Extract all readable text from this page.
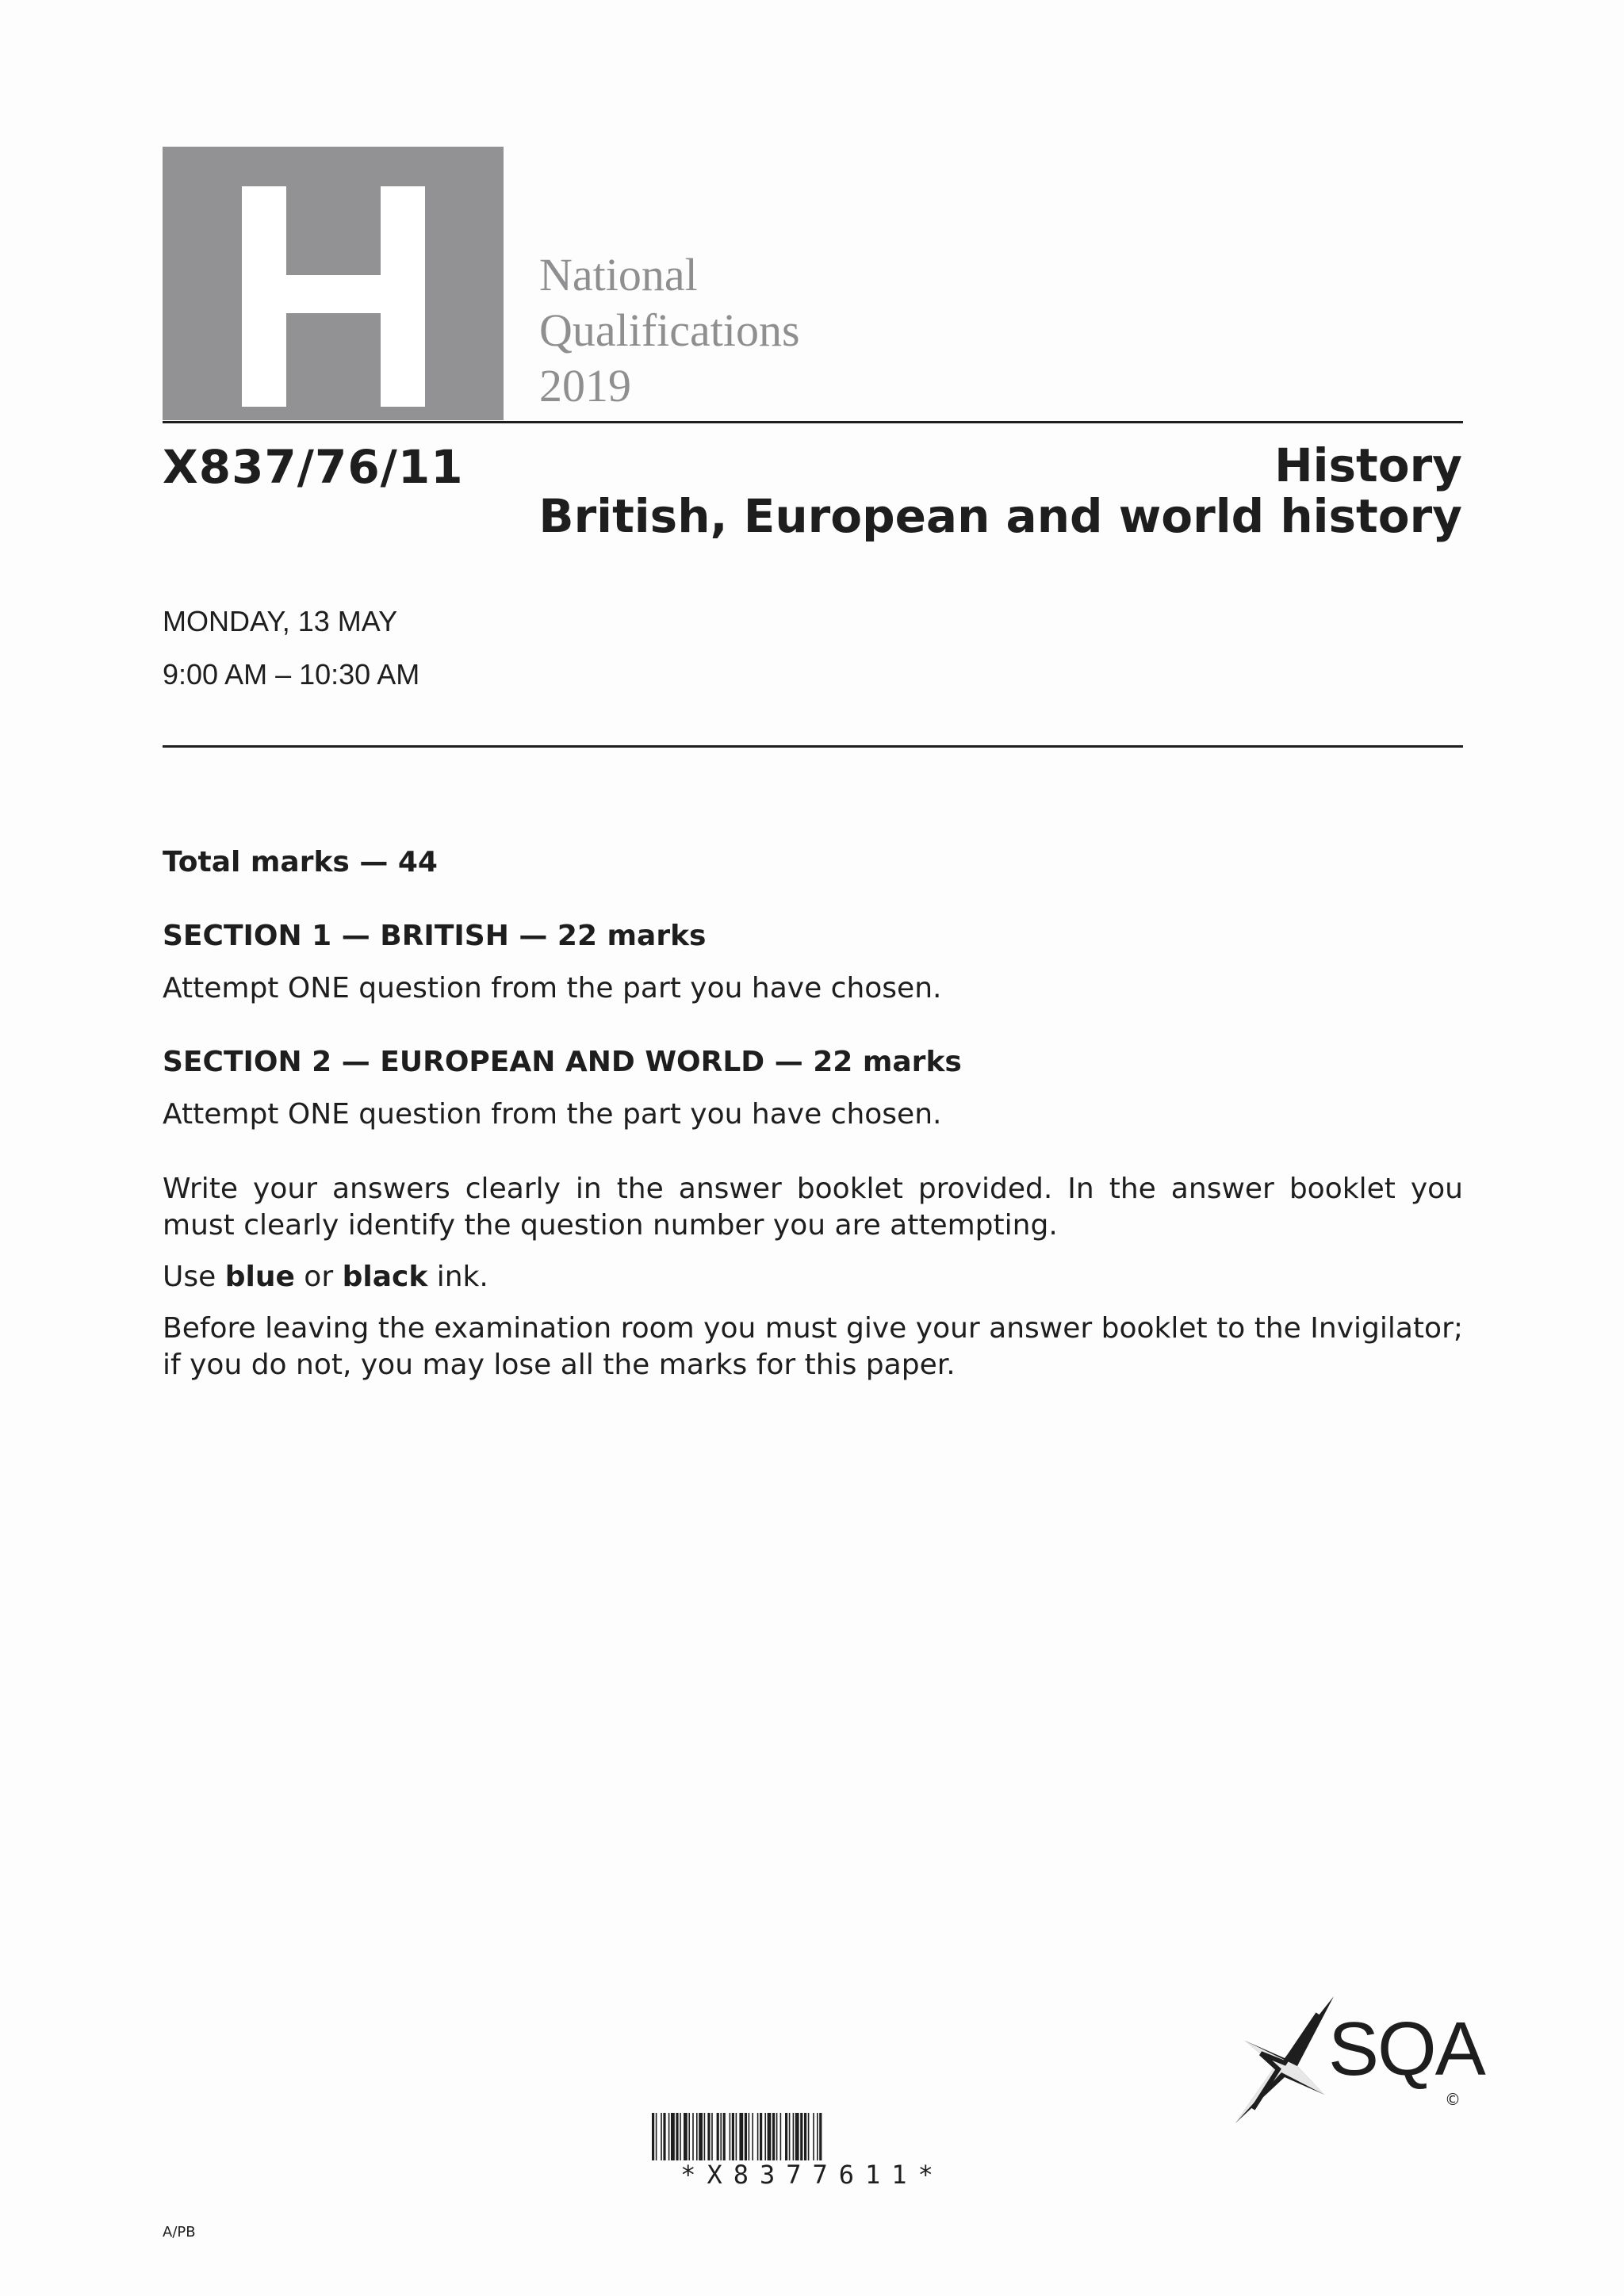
National
Qualifications
2019
X837/76/11	History
British, European and world history
MONDAY, 13 MAY
9:00 AM – 10:30 AM
Total marks — 44
SECTION 1 — BRITISH — 22 marks
Attempt ONE question from the part you have chosen.
SECTION 2 — EUROPEAN AND WORLD — 22 marks
Attempt ONE question from the part you have chosen.
Write your answers clearly in the answer booklet provided. In the answer booklet you must clearly identify the question number you are attempting.
Use blue or black ink.
Before leaving the examination room you must give your answer booklet to the Invigilator; if you do not, you may lose all the marks for this paper.
SQA
©
*X8377611*
A/PB
